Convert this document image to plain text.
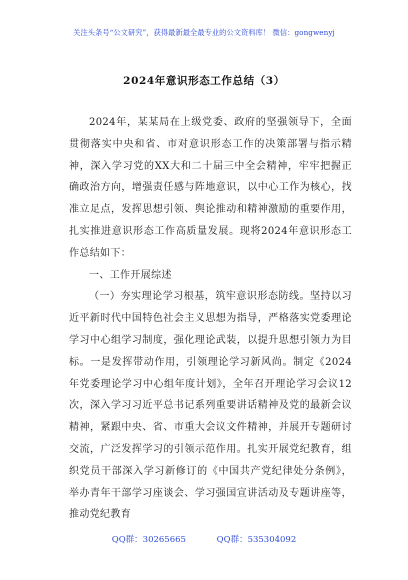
关注头条号“公文研究”，获得最新最全最专业的公文资料库！ 微信：gongwenyj
2024年意识形态工作总结（3）

2024年，某某局在上级党委、政府的坚强领导下，全面贯彻落实中央和省、市对意识形态工作的决策部署与指示精神，深入学习党的XX大和二十届三中全会精神，牢牢把握正确政治方向，增强责任感与阵地意识，以中心工作为核心，找准立足点，发挥思想引领、舆论推动和精神激励的重要作用，扎实推进意识形态工作高质量发展。现将2024年意识形态工作总结如下：

一、工作开展综述

（一）夯实理论学习根基，筑牢意识形态防线。坚持以习近平新时代中国特色社会主义思想为指导，严格落实党委理论学习中心组学习制度，强化理论武装，以提升思想引领力为目标。一是发挥带动作用，引领理论学习新风尚。制定《2024年党委理论学习中心组年度计划》，全年召开理论学习会议12次，深入学习习近平总书记系列重要讲话精神及党的最新会议精神，紧跟中央、省、市重大会议文件精神，并展开专题研讨交流，广泛发挥学习的引领示范作用。扎实开展党纪教育，组织党员干部深入学习新修订的《中国共产党纪律处分条例》，举办青年干部学习座谈会、学习强国宣讲活动及专题讲座等，推动党纪教育

QQ群：30265665	QQ群：535304092
